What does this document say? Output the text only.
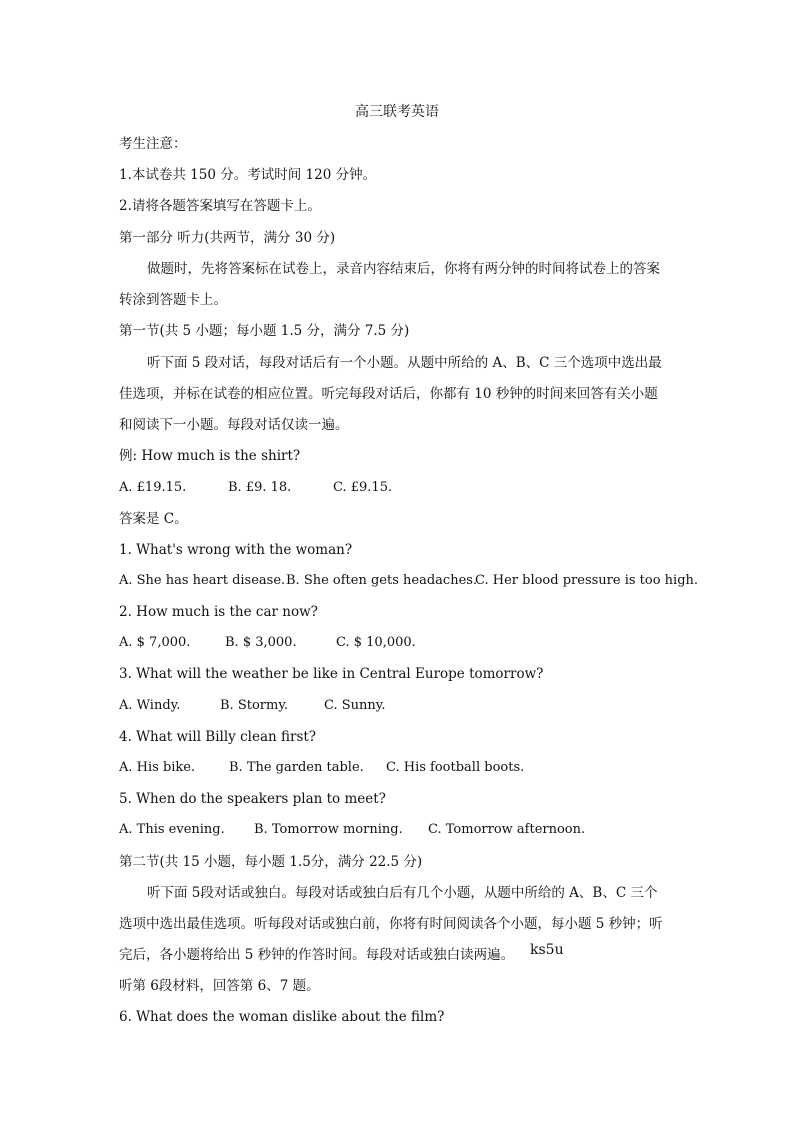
高三联考英语
考生注意：
1.本试卷共 150 分。考试时间 120 分钟。
2.请将各题答案填写在答题卡上。
第一部分 听力(共两节，满分 30 分)
做题时，先将答案标在试卷上，录音内容结束后，你将有两分钟的时间将试卷上的答案
转涂到答题卡上。
第一节(共 5 小题；每小题 1.5 分，满分 7.5 分)
听下面 5 段对话，每段对话后有一个小题。从题中所给的 A、B、C 三个选项中选出最
佳选项，并标在试卷的相应位置。听完每段对话后，你都有 10 秒钟的时间来回答有关小题
和阅读下一小题。每段对话仅读一遍。
例: How much is the shirt?
A. £19.15.	B. £9. 18.	C. £9.15.
答案是 C。
1. What's wrong with the woman?
A. She has heart disease. B. She often gets headaches.
C. Her blood pressure is too high.
2. How much is the car now?
A. $ 7,000.	B. $ 3,000.	C. $ 10,000.
3. What will the weather be like in Central Europe tomorrow?
A. Windy.	B. Stormy.	C. Sunny.
4. What will Billy clean first?
A. His bike.	B. The garden table. C. His football boots.
5. When do the speakers plan to meet?
A. This evening. B. Tomorrow morning. C. Tomorrow afternoon.
第二节(共 15 小题，每小题 1.5分，满分 22.5 分)
听下面 5段对话或独白。每段对话或独白后有几个小题，从题中所给的 A、B、C 三个
选项中选出最佳选项。听每段对话或独白前，你将有时间阅读各个小题，每小题 5 秒钟；听
完后，各小题将给出 5 秒钟的作答时间。每段对话或独白读两遍。 ks5u
听第 6段材料，回答第 6、7 题。
6. What does the woman dislike about the film?
